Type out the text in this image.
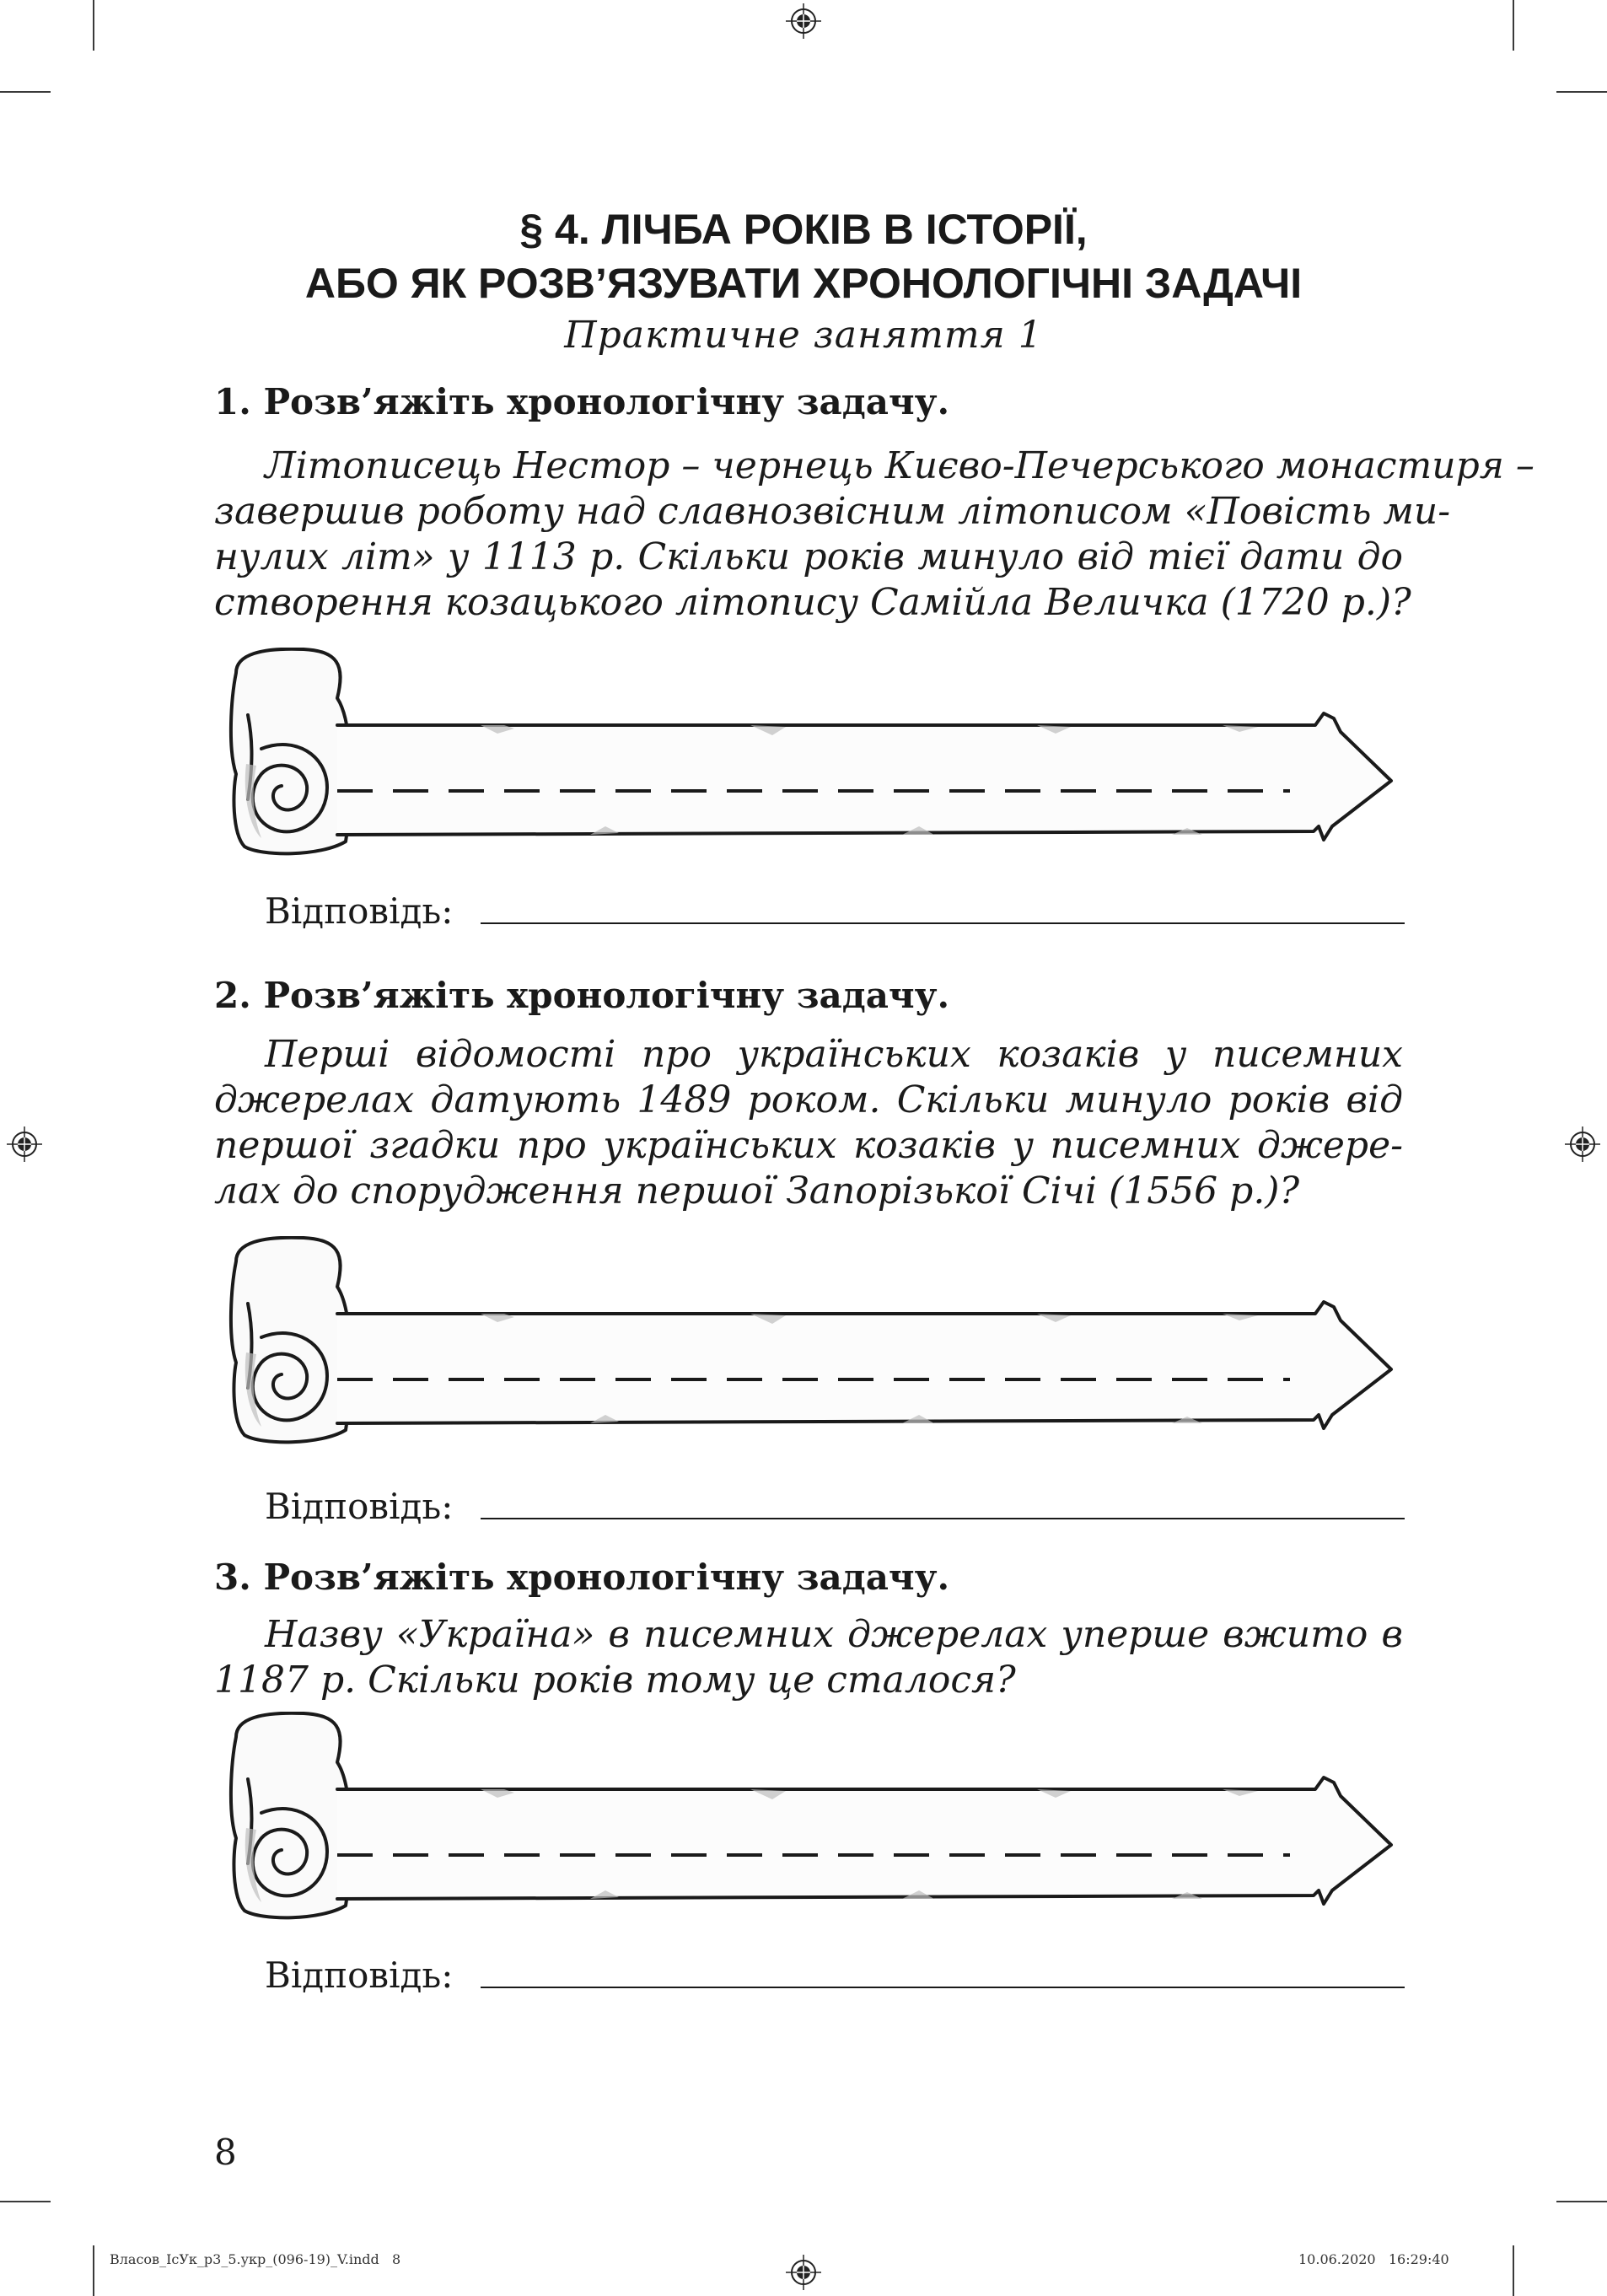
§ 4. ЛІЧБА РОКІВ В ІСТОРІЇ,
АБО ЯК РОЗВ’ЯЗУВАТИ ХРОНОЛОГІЧНІ ЗАДАЧІ
Практичне заняття 1
1. Розв’яжіть хронологічну задачу.
Літописець Нестор – чернець Києво-Печерського монастиря –
завершив роботу над славнозвісним літописом «Повість ми-
нулих літ» у 1113 р. Скільки років минуло від тієї дати до
створення козацького літопису Самійла Величка (1720 р.)?
Відповідь:
2. Розв’яжіть хронологічну задачу.
Перші відомості про українських козаків у писемних
джерелах датують 1489 роком. Скільки минуло років від
першої згадки про українських козаків у писемних джере-
лах до спорудження першої Запорізької Січі (1556 р.)?
Відповідь:
3. Розв’яжіть хронологічну задачу.
Назву «Україна» в писемних джерелах уперше вжито в
1187 р. Скільки років тому це сталося?
Відповідь:
8
Власов_ІсУк_р3_5.укр_(096-19)_V.indd   8	10.06.2020   16:29:40
